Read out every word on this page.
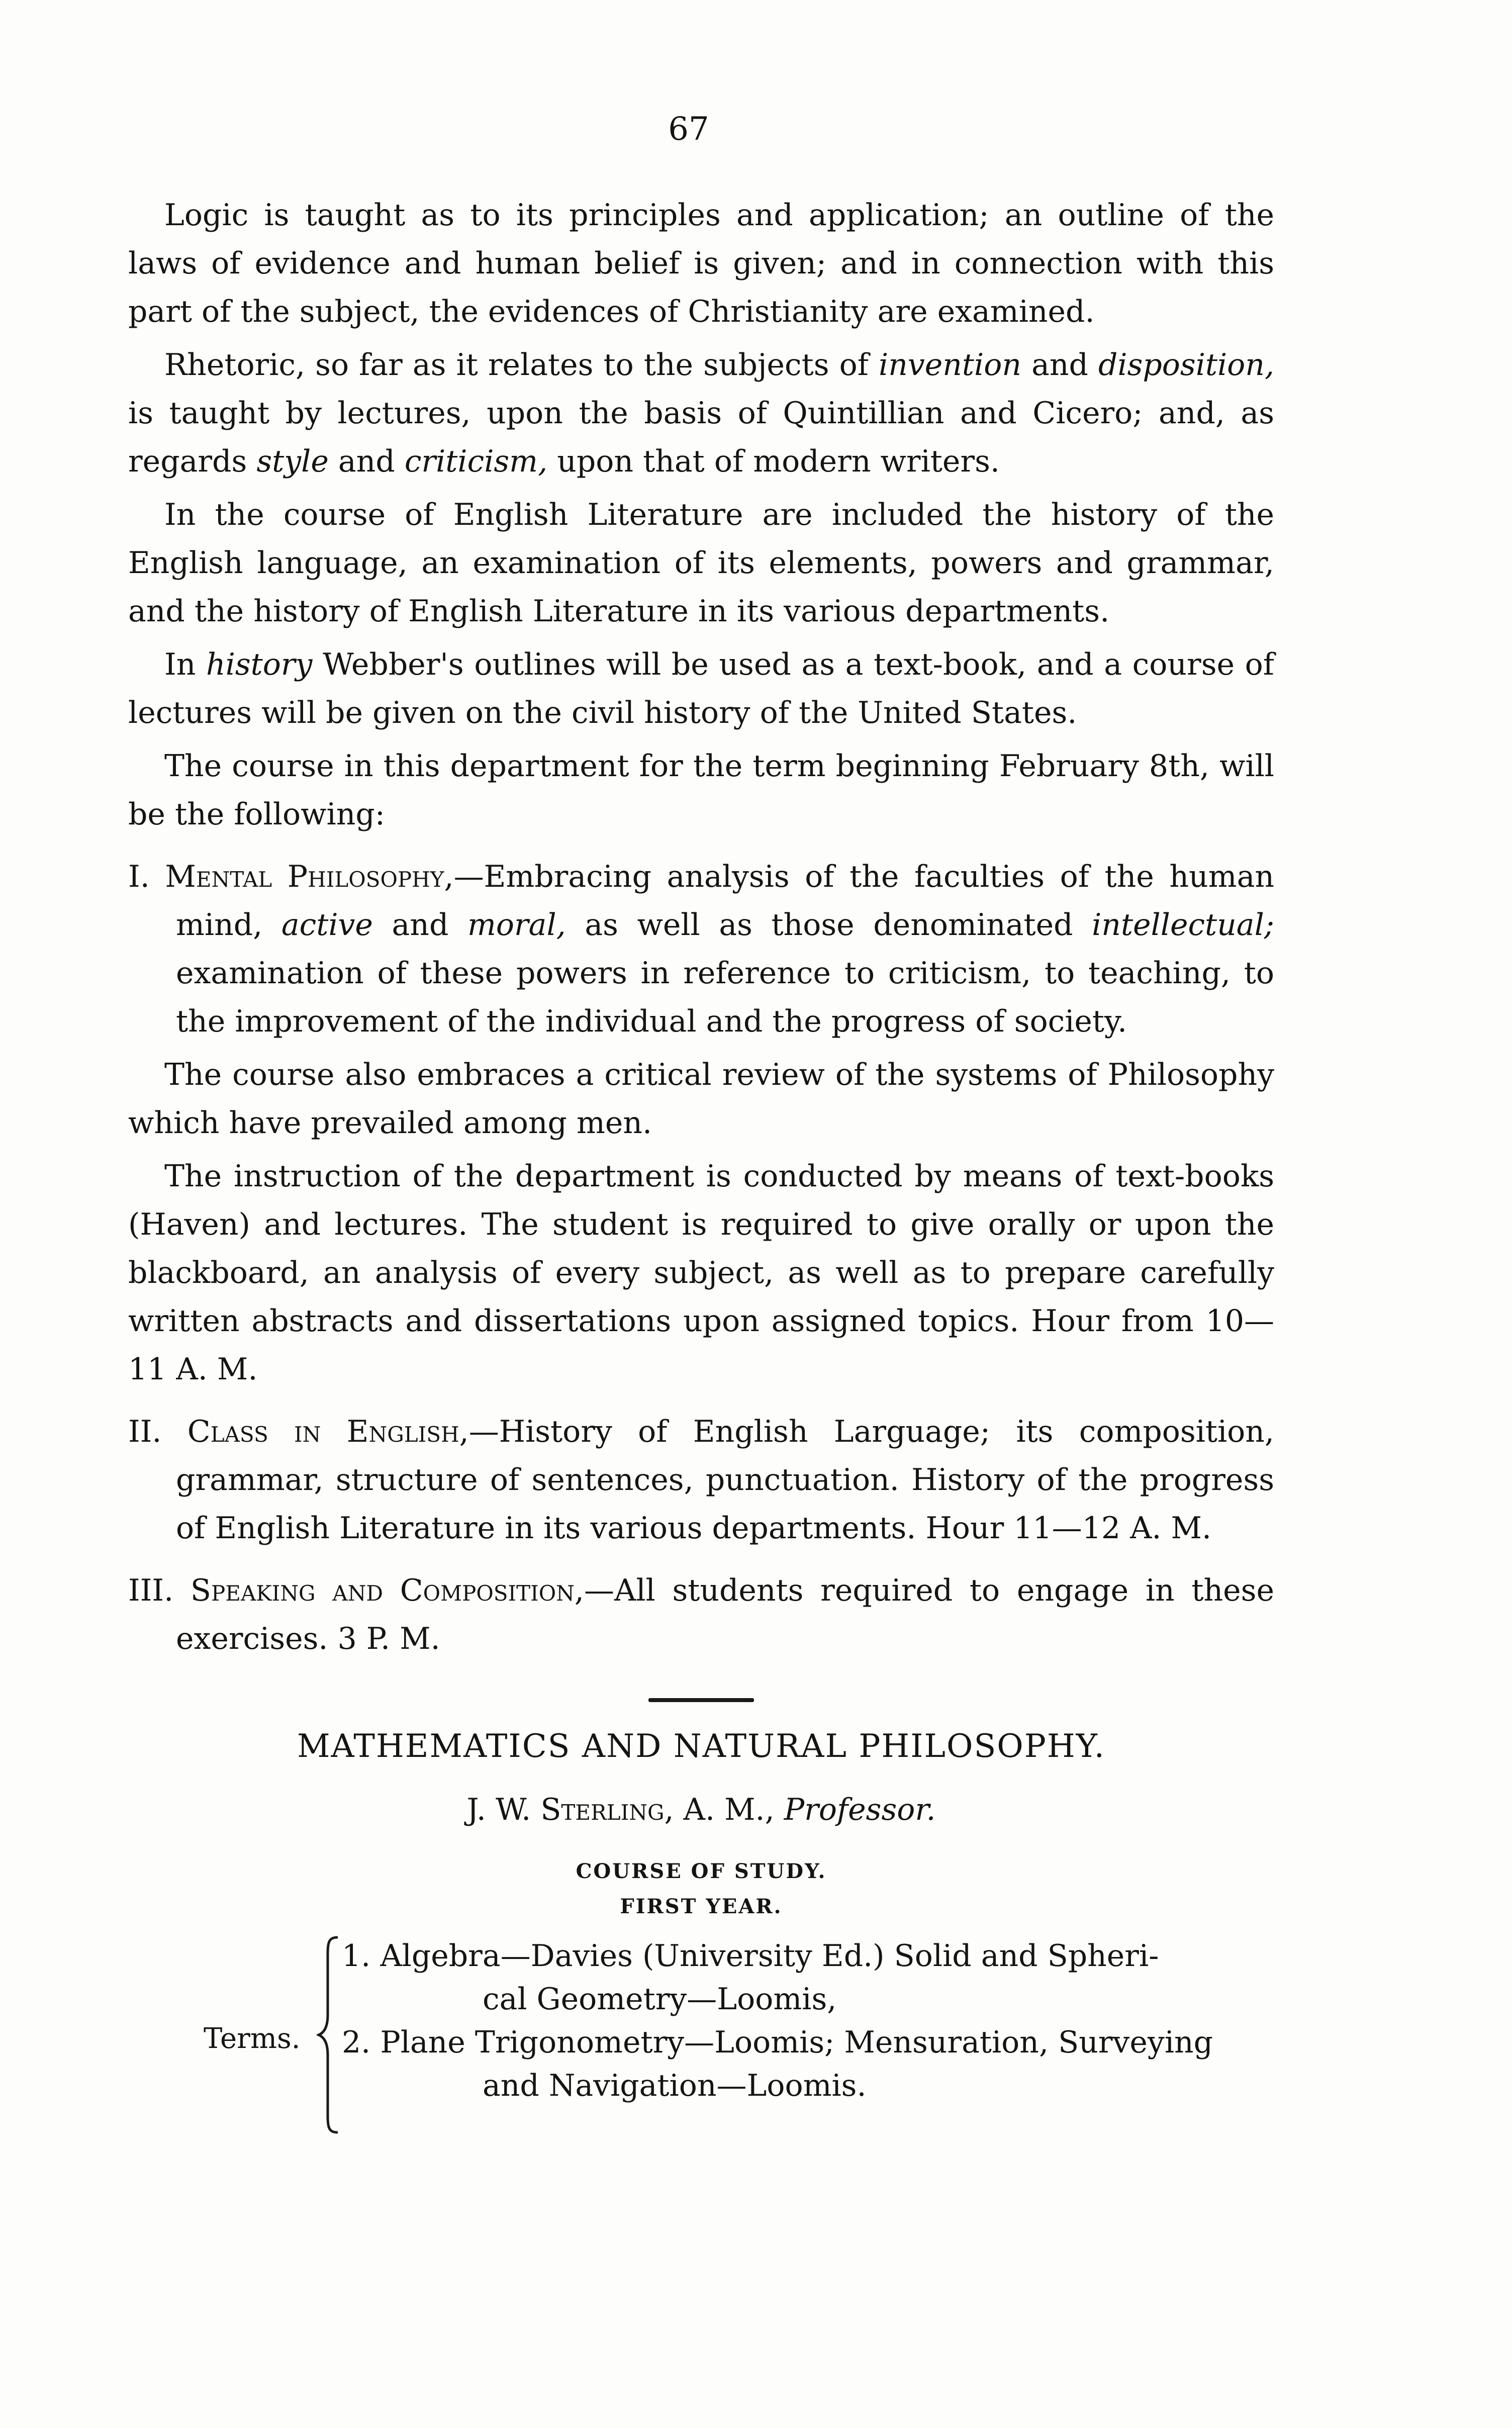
67

Logic is taught as to its principles and application; an outline of the laws of evidence and human belief is given; and in connection with this part of the subject, the evidences of Christianity are examined.

Rhetoric, so far as it relates to the subjects of invention and disposition, is taught by lectures, upon the basis of Quintillian and Cicero; and, as regards style and criticism, upon that of modern writers.

In the course of English Literature are included the history of the English language, an examination of its elements, powers and grammar, and the history of English Literature in its various departments.

In history Webber's outlines will be used as a text-book, and a course of lectures will be given on the civil history of the United States.

The course in this department for the term beginning February 8th, will be the following:

I. Mental Philosophy,—Embracing analysis of the faculties of the human mind, active and moral, as well as those denominated intellectual; examination of these powers in reference to criticism, to teaching, to the improvement of the individual and the progress of society.

The course also embraces a critical review of the systems of Philosophy which have prevailed among men.

The instruction of the department is conducted by means of text-books (Haven) and lectures. The student is required to give orally or upon the blackboard, an analysis of every subject, as well as to prepare carefully written abstracts and dissertations upon assigned topics. Hour from 10—11 A. M.

II. Class in English,—History of English Larguage; its composition, grammar, structure of sentences, punctuation. History of the progress of English Literature in its various departments. Hour 11—12 A. M.

III. Speaking and Composition,—All students required to engage in these exercises. 3 P. M.

MATHEMATICS AND NATURAL PHILOSOPHY.

J. W. Sterling, A. M., Professor.

COURSE OF STUDY.

FIRST YEAR.

Terms.

1. Algebra—Davies (University Ed.) Solid and Spheri-
cal Geometry—Loomis,

2. Plane Trigonometry—Loomis; Mensuration, Surveying
and Navigation—Loomis.
